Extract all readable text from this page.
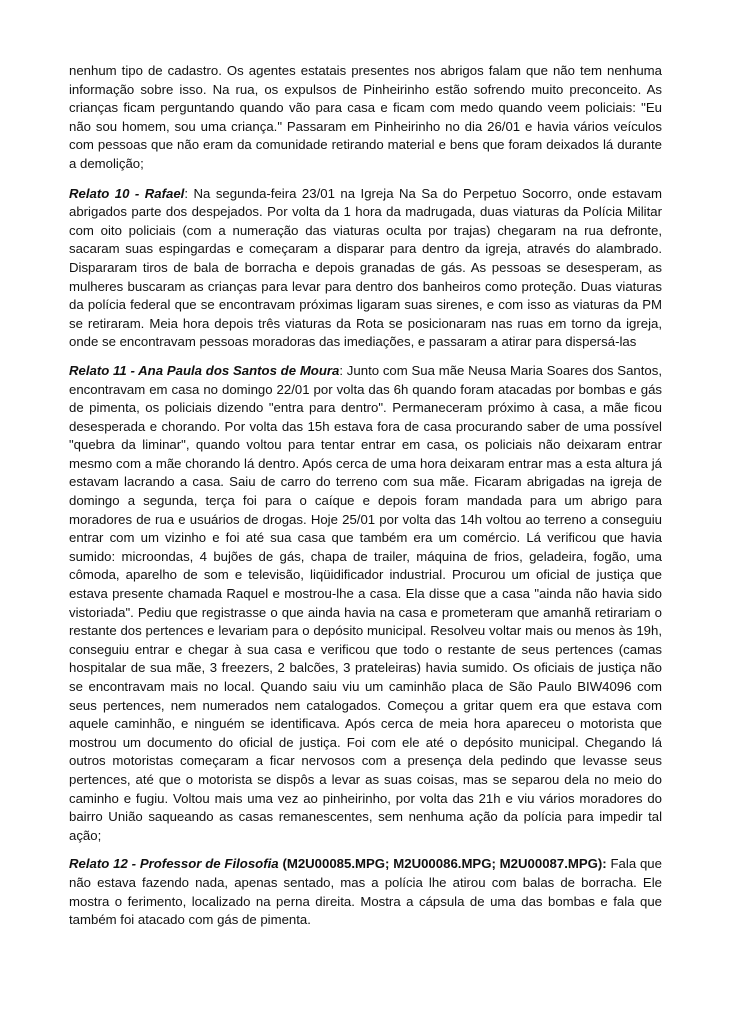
nenhum tipo de cadastro. Os agentes estatais presentes nos abrigos falam que não tem nenhuma informação sobre isso. Na rua, os expulsos de Pinheirinho estão sofrendo muito preconceito. As crianças ficam perguntando quando vão para casa e ficam com medo quando veem policiais: "Eu não sou homem, sou uma criança." Passaram em Pinheirinho no dia 26/01 e havia vários veículos com pessoas que não eram da comunidade retirando material e bens que foram deixados lá durante a demolição;

Relato 10 - Rafael: Na segunda-feira 23/01 na Igreja Na Sa do Perpetuo Socorro, onde estavam abrigados parte dos despejados. Por volta da 1 hora da madrugada, duas viaturas da Polícia Militar com oito policiais (com a numeração das viaturas oculta por trajas) chegaram na rua defronte, sacaram suas espingardas e começaram a disparar para dentro da igreja, através do alambrado. Dispararam tiros de bala de borracha e depois granadas de gás. As pessoas se desesperam, as mulheres buscaram as crianças para levar para dentro dos banheiros como proteção. Duas viaturas da polícia federal que se encontravam próximas ligaram suas sirenes, e com isso as viaturas da PM se retiraram. Meia hora depois três viaturas da Rota se posicionaram nas ruas em torno da igreja, onde se encontravam pessoas moradoras das imediações, e passaram a atirar para dispersá-las

Relato 11 - Ana Paula dos Santos de Moura: Junto com Sua mãe Neusa Maria Soares dos Santos, encontravam em casa no domingo 22/01 por volta das 6h quando foram atacadas por bombas e gás de pimenta, os policiais dizendo "entra para dentro". Permaneceram próximo à casa, a mãe ficou desesperada e chorando. Por volta das 15h estava fora de casa procurando saber de uma possível "quebra da liminar", quando voltou para tentar entrar em casa, os policiais não deixaram entrar mesmo com a mãe chorando lá dentro. Após cerca de uma hora deixaram entrar mas a esta altura já estavam lacrando a casa. Saiu de carro do terreno com sua mãe. Ficaram abrigadas na igreja de domingo a segunda, terça foi para o caíque e depois foram mandada para um abrigo para moradores de rua e usuários de drogas. Hoje 25/01 por volta das 14h voltou ao terreno a conseguiu entrar com um vizinho e foi até sua casa que também era um comércio. Lá verificou que havia sumido: microondas, 4 bujões de gás, chapa de trailer, máquina de frios, geladeira, fogão, uma cômoda, aparelho de som e televisão, liqüidificador industrial. Procurou um oficial de justiça que estava presente chamada Raquel e mostrou-lhe a casa. Ela disse que a casa "ainda não havia sido vistoriada". Pediu que registrasse o que ainda havia na casa e prometeram que amanhã retirariam o restante dos pertences e levariam para o depósito municipal. Resolveu voltar mais ou menos às 19h, conseguiu entrar e chegar à sua casa e verificou que todo o restante de seus pertences (camas hospitalar de sua mãe, 3 freezers, 2 balcões, 3 prateleiras) havia sumido. Os oficiais de justiça não se encontravam mais no local. Quando saiu viu um caminhão placa de São Paulo BIW4096 com seus pertences, nem numerados nem catalogados. Começou a gritar quem era que estava com aquele caminhão, e ninguém se identificava. Após cerca de meia hora apareceu o motorista que mostrou um documento do oficial de justiça. Foi com ele até o depósito municipal. Chegando lá outros motoristas começaram a ficar nervosos com a presença dela pedindo que levasse seus pertences, até que o motorista se dispôs a levar as suas coisas, mas se separou dela no meio do caminho e fugiu. Voltou mais uma vez ao pinheirinho, por volta das 21h e viu vários moradores do bairro União saqueando as casas remanescentes, sem nenhuma ação da polícia para impedir tal ação;

Relato 12 - Professor de Filosofia (M2U00085.MPG; M2U00086.MPG; M2U00087.MPG): Fala que não estava fazendo nada, apenas sentado, mas a polícia lhe atirou com balas de borracha. Ele mostra o ferimento, localizado na perna direita. Mostra a cápsula de uma das bombas e fala que também foi atacado com gás de pimenta.
